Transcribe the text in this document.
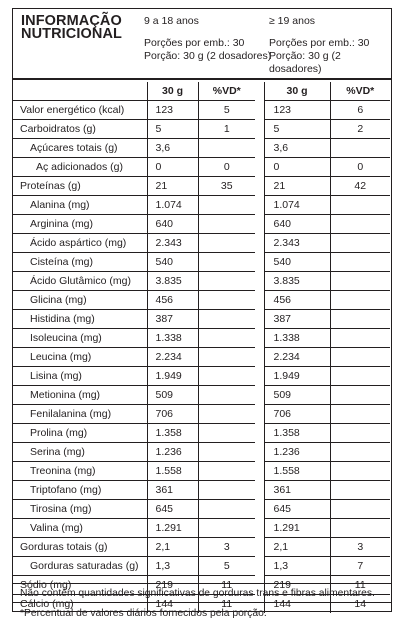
INFORMAÇÃO
NUTRICIONAL
9 a 18 anos
Porções por emb.: 30
Porção: 30 g (2 dosadores)
≥ 19 anos
Porções por emb.: 30
Porção: 30 g (2 dosadores)
	30 g	%VD*		30 g	%VD*
Valor energético (kcal)	123	5		123	6
Carboidratos (g)	5	1		5	2
Açúcares totais (g)	3,6			3,6	
Aç adicionados (g)	0	0		0	0
Proteínas (g)	21	35		21	42
Alanina (mg)	1.074			1.074	
Arginina (mg)	640			640	
Ácido aspártico (mg)	2.343			2.343	
Cisteína (mg)	540			540	
Ácido Glutâmico (mg)	3.835			3.835	
Glicina (mg)	456			456	
Histidina (mg)	387			387	
Isoleucina (mg)	1.338			1.338	
Leucina (mg)	2.234			2.234	
Lisina (mg)	1.949			1.949	
Metionina (mg)	509			509	
Fenilalanina (mg)	706			706	
Prolina (mg)	1.358			1.358	
Serina (mg)	1.236			1.236	
Treonina (mg)	1.558			1.558	
Triptofano (mg)	361			361	
Tirosina (mg)	645			645	
Valina (mg)	1.291			1.291	
Gorduras totais (g)	2,1	3		2,1	3
Gorduras saturadas (g)	1,3	5		1,3	7
Sódio (mg)	219	11		219	11
Cálcio (mg)	144	11		144	14
Não contém quantidades significativas de gorduras trans e fibras alimentares.
*Percentual de valores diários fornecidos pela porção.
